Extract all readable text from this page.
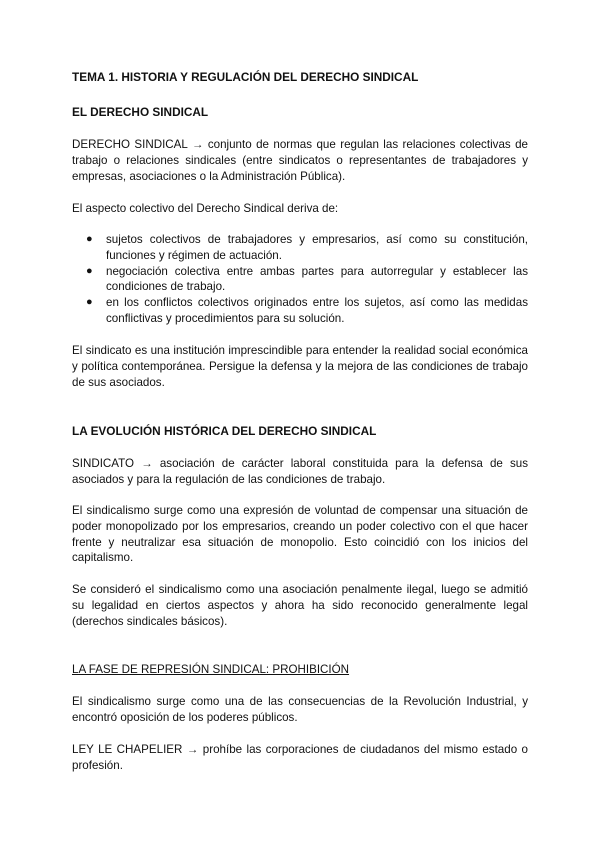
TEMA 1. HISTORIA Y REGULACIÓN DEL DERECHO SINDICAL

EL DERECHO SINDICAL

DERECHO SINDICAL → conjunto de normas que regulan las relaciones colectivas de trabajo o relaciones sindicales (entre sindicatos o representantes de trabajadores y empresas, asociaciones o la Administración Pública).

El aspecto colectivo del Derecho Sindical deriva de:

● sujetos colectivos de trabajadores y empresarios, así como su constitución, funciones y régimen de actuación.
● negociación colectiva entre ambas partes para autorregular y establecer las condiciones de trabajo.
● en los conflictos colectivos originados entre los sujetos, así como las medidas conflictivas y procedimientos para su solución.

El sindicato es una institución imprescindible para entender la realidad social económica y política contemporánea. Persigue la defensa y la mejora de las condiciones de trabajo de sus asociados.

LA EVOLUCIÓN HISTÓRICA DEL DERECHO SINDICAL

SINDICATO → asociación de carácter laboral constituida para la defensa de sus asociados y para la regulación de las condiciones de trabajo.

El sindicalismo surge como una expresión de voluntad de compensar una situación de poder monopolizado por los empresarios, creando un poder colectivo con el que hacer frente y neutralizar esa situación de monopolio. Esto coincidió con los inicios del capitalismo.

Se consideró el sindicalismo como una asociación penalmente ilegal, luego se admitió su legalidad en ciertos aspectos y ahora ha sido reconocido generalmente legal (derechos sindicales básicos).

LA FASE DE REPRESIÓN SINDICAL: PROHIBICIÓN

El sindicalismo surge como una de las consecuencias de la Revolución Industrial, y encontró oposición de los poderes públicos.

LEY LE CHAPELIER → prohíbe las corporaciones de ciudadanos del mismo estado o profesión.
